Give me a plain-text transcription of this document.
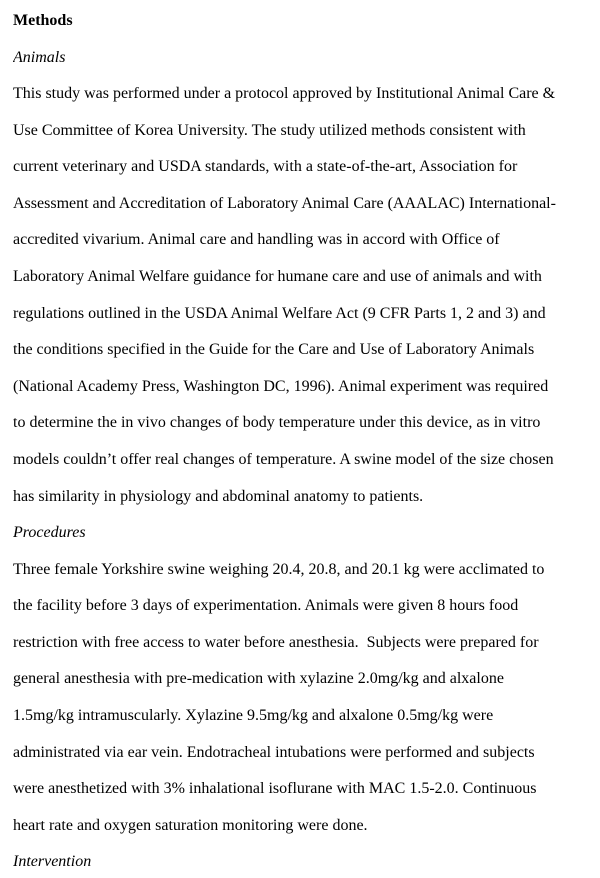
Methods
Animals
This study was performed under a protocol approved by Institutional Animal Care &
Use Committee of Korea University. The study utilized methods consistent with
current veterinary and USDA standards, with a state-of-the-art, Association for
Assessment and Accreditation of Laboratory Animal Care (AAALAC) International-
accredited vivarium. Animal care and handling was in accord with Office of
Laboratory Animal Welfare guidance for humane care and use of animals and with
regulations outlined in the USDA Animal Welfare Act (9 CFR Parts 1, 2 and 3) and
the conditions specified in the Guide for the Care and Use of Laboratory Animals
(National Academy Press, Washington DC, 1996). Animal experiment was required
to determine the in vivo changes of body temperature under this device, as in vitro
models couldn’t offer real changes of temperature. A swine model of the size chosen
has similarity in physiology and abdominal anatomy to patients.
Procedures
Three female Yorkshire swine weighing 20.4, 20.8, and 20.1 kg were acclimated to
the facility before 3 days of experimentation. Animals were given 8 hours food
restriction with free access to water before anesthesia.  Subjects were prepared for
general anesthesia with pre-medication with xylazine 2.0mg/kg and alxalone
1.5mg/kg intramuscularly. Xylazine 9.5mg/kg and alxalone 0.5mg/kg were
administrated via ear vein. Endotracheal intubations were performed and subjects
were anesthetized with 3% inhalational isoflurane with MAC 1.5-2.0. Continuous
heart rate and oxygen saturation monitoring were done.
Intervention
